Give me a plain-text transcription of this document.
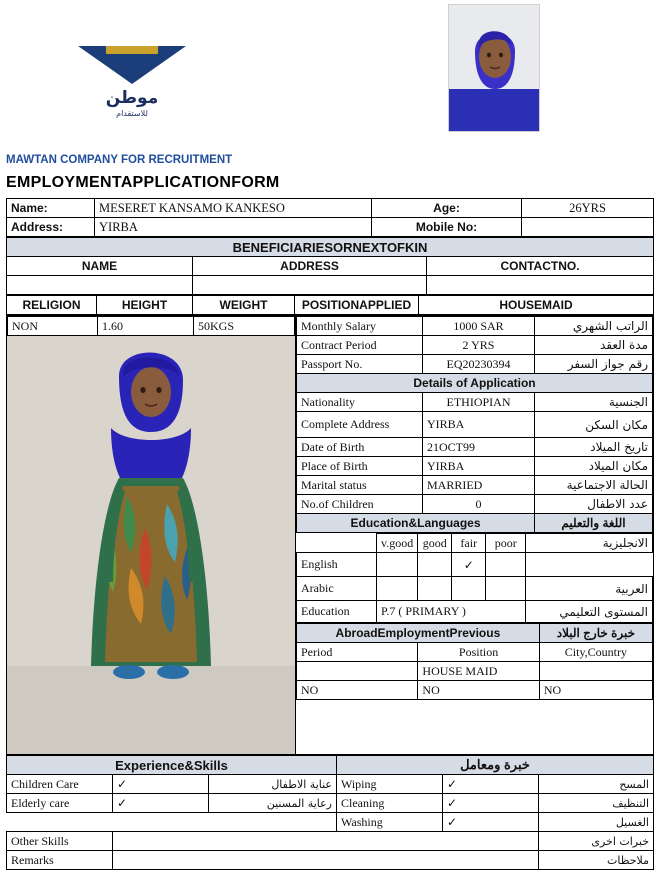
موطن
للاستقدام
MAWTAN COMPANY FOR RECRUITMENT
EMPLOYMENTAPPLICATIONFORM
Name:	MESERET KANSAMO KANKESO	Age:	26YRS
Address:	YIRBA	Mobile No:	
BENEFICIARIESORNEXTOFKIN		
NAME	ADDRESS	CONTACTNO.

RELIGION	HEIGHT	WEIGHT	POSITIONAPPLIED	HOUSEMAID
NON	1.60	50KGS
		Monthly Salary	1000 SAR	الراتب الشهري
Contract Period	2 YRS	مدة العقد
Passport No.	EQ20230394	رقم جواز السفر
Details of Application
Nationality	ETHIOPIAN	الجنسية
Complete Address	YIRBA	مكان السكن
Date of Birth	21OCT99	تاريخ الميلاد
Place of Birth	YIRBA	مكان الميلاد
Marital status	MARRIED	الحالة الاجتماعية
No.of Children	0	عدد الاطفال
Education&Languages	اللغة والتعليم
	v.good	good	fair	poor	الانجليزية
English			✓		
Arabic					العربية
Education	P.7 ( PRIMARY )	المستوى التعليمي
AbroadEmploymentPrevious	خبرة خارج البلاد
Period	Position	City,Country
	HOUSE MAID	
NO	NO	NO
Experience&Skills			خبرة ومعامل		
Children Care	✓	عناية الاطفال	Wiping	✓	المسح
Elderly care	✓	رعاية المسنين	Cleaning	✓	التنظيف
			Washing	✓	الغسيل
Other Skills					خبرات اخرى
Remarks					ملاحظات
